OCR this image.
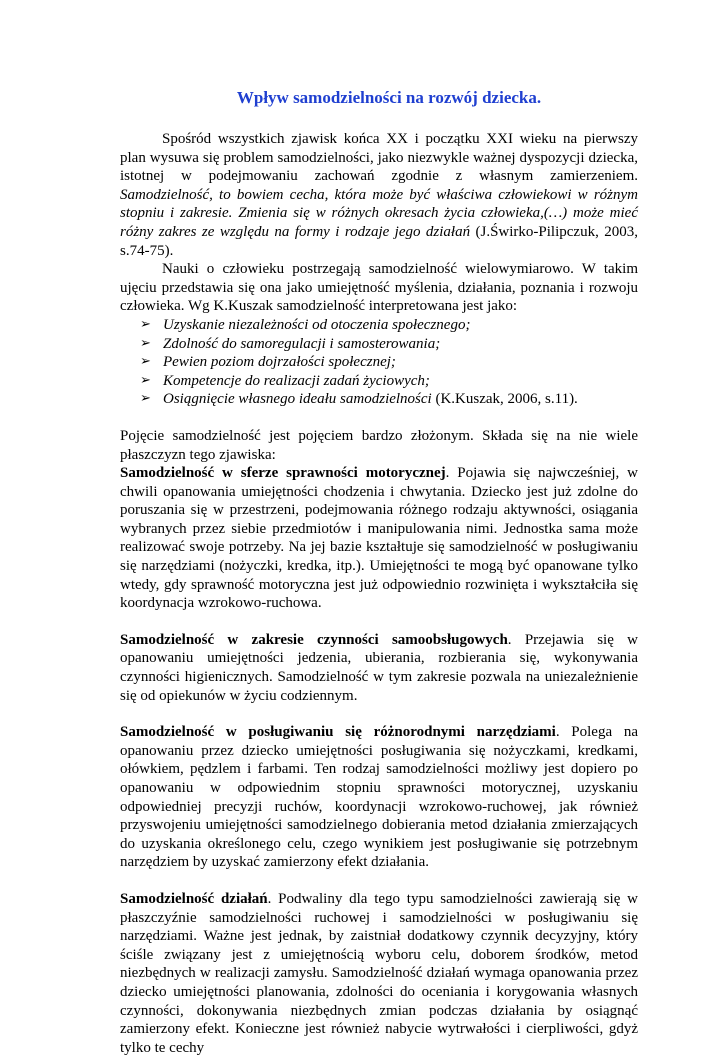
Wpływ samodzielności na rozwój dziecka.

Spośród wszystkich zjawisk końca XX i początku XXI wieku na pierwszy plan wysuwa się problem samodzielności, jako niezwykle ważnej dyspozycji dziecka, istotnej w podejmowaniu zachowań zgodnie z własnym zamierzeniem. Samodzielność, to bowiem cecha, która może być właściwa człowiekowi w różnym stopniu i zakresie. Zmienia się w różnych okresach życia człowieka,(…) może mieć różny zakres ze względu na formy i rodzaje jego działań (J.Świrko-Pilipczuk, 2003, s.74-75).

Nauki o człowieku postrzegają samodzielność wielowymiarowo. W takim ujęciu przedstawia się ona jako umiejętność myślenia, działania, poznania i rozwoju człowieka. Wg K.Kuszak samodzielność interpretowana jest jako:

➢ Uzyskanie niezależności od otoczenia społecznego;
➢ Zdolność do samoregulacji i samosterowania;
➢ Pewien poziom dojrzałości społecznej;
➢ Kompetencje do realizacji zadań życiowych;
➢ Osiągnięcie własnego ideału samodzielności (K.Kuszak, 2006, s.11).

Pojęcie samodzielność jest pojęciem bardzo złożonym. Składa się na nie wiele płaszczyzn tego zjawiska:

Samodzielność w sferze sprawności motorycznej. Pojawia się najwcześniej, w chwili opanowania umiejętności chodzenia i chwytania. Dziecko jest już zdolne do poruszania się w przestrzeni, podejmowania różnego rodzaju aktywności, osiągania wybranych przez siebie przedmiotów i manipulowania nimi. Jednostka sama może realizować swoje potrzeby. Na jej bazie kształtuje się samodzielność w posługiwaniu się narzędziami (nożyczki, kredka, itp.). Umiejętności te mogą być opanowane tylko wtedy, gdy sprawność motoryczna jest już odpowiednio rozwinięta i wykształciła się koordynacja wzrokowo-ruchowa.

Samodzielność w zakresie czynności samoobsługowych. Przejawia się w opanowaniu umiejętności jedzenia, ubierania, rozbierania się, wykonywania czynności higienicznych. Samodzielność w tym zakresie pozwala na uniezależnienie się od opiekunów w życiu codziennym.

Samodzielność w posługiwaniu się różnorodnymi narzędziami. Polega na opanowaniu przez dziecko umiejętności posługiwania się nożyczkami, kredkami, ołówkiem, pędzlem i farbami. Ten rodzaj samodzielności możliwy jest dopiero po opanowaniu w odpowiednim stopniu sprawności motorycznej, uzyskaniu odpowiedniej precyzji ruchów, koordynacji wzrokowo-ruchowej, jak również przyswojeniu umiejętności samodzielnego dobierania metod działania zmierzających do uzyskania określonego celu, czego wynikiem jest posługiwanie się potrzebnym narzędziem by uzyskać zamierzony efekt działania.

Samodzielność działań. Podwaliny dla tego typu samodzielności zawierają się w płaszczyźnie samodzielności ruchowej i samodzielności w posługiwaniu się narzędziami. Ważne jest jednak, by zaistniał dodatkowy czynnik decyzyjny, który ściśle związany jest z umiejętnością wyboru celu, doborem środków, metod niezbędnych w realizacji zamysłu. Samodzielność działań wymaga opanowania przez dziecko umiejętności planowania, zdolności do oceniania i korygowania własnych czynności, dokonywania niezbędnych zmian podczas działania by osiągnąć zamierzony efekt. Konieczne jest również nabycie wytrwałości i cierpliwości, gdyż tylko te cechy
